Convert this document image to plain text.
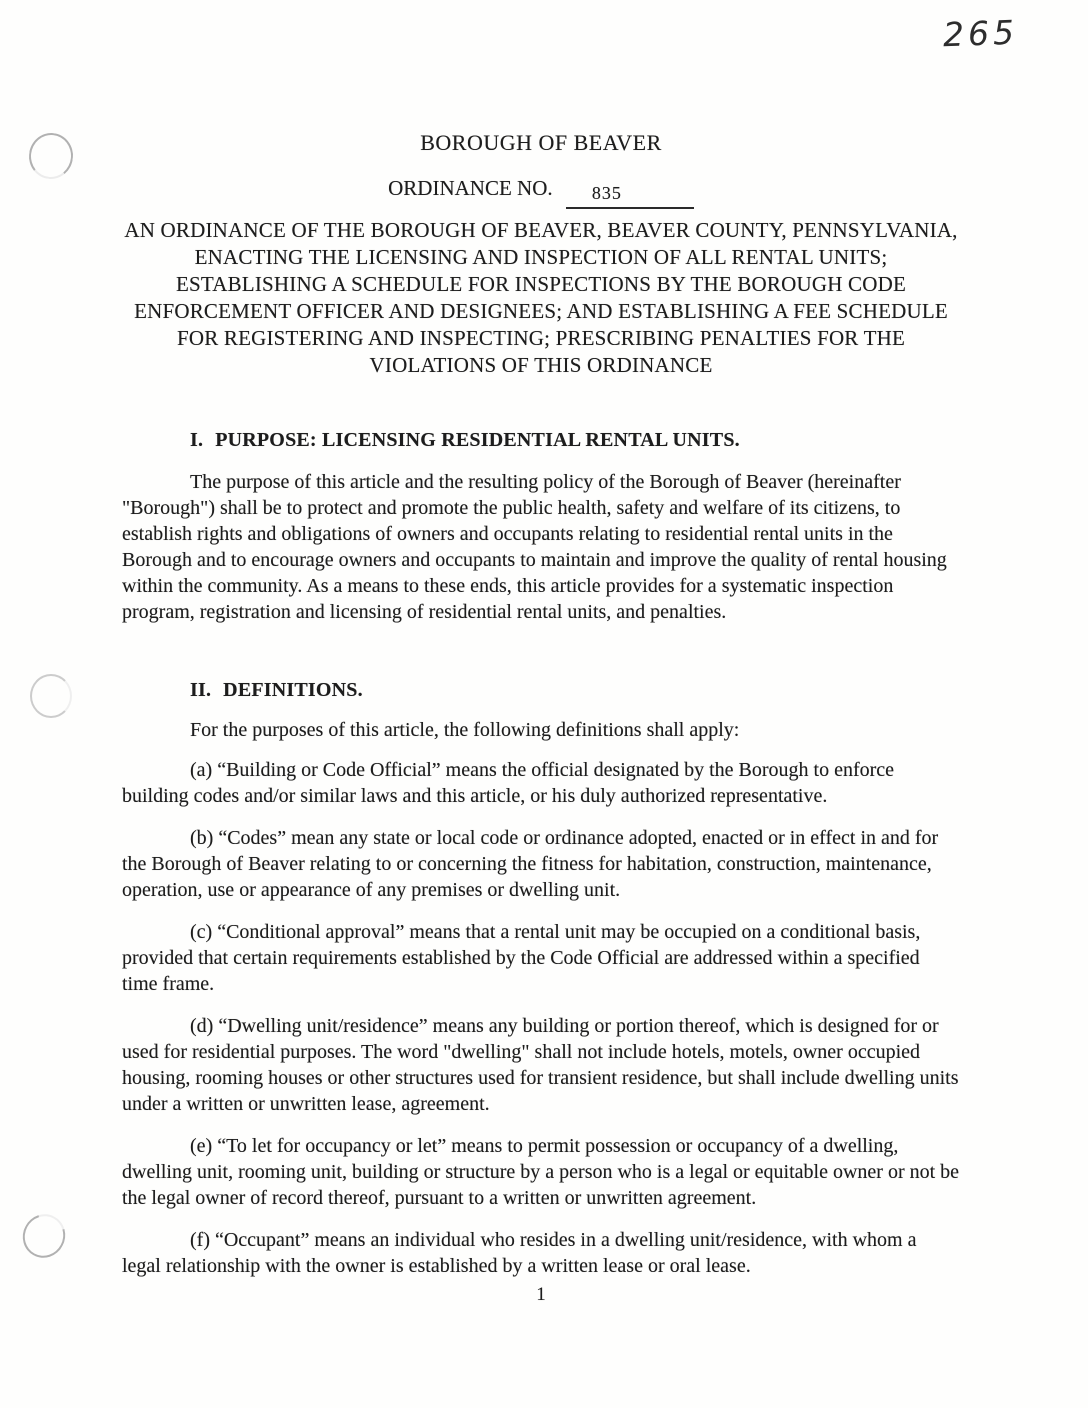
265
BOROUGH OF BEAVER
ORDINANCE NO. 835

AN ORDINANCE OF THE BOROUGH OF BEAVER, BEAVER COUNTY, PENNSYLVANIA, ENACTING THE LICENSING AND INSPECTION OF ALL RENTAL UNITS; ESTABLISHING A SCHEDULE FOR INSPECTIONS BY THE BOROUGH CODE ENFORCEMENT OFFICER AND DESIGNEES; AND ESTABLISHING A FEE SCHEDULE FOR REGISTERING AND INSPECTING; PRESCRIBING PENALTIES FOR THE VIOLATIONS OF THIS ORDINANCE

I. PURPOSE: LICENSING RESIDENTIAL RENTAL UNITS.

The purpose of this article and the resulting policy of the Borough of Beaver (hereinafter "Borough") shall be to protect and promote the public health, safety and welfare of its citizens, to establish rights and obligations of owners and occupants relating to residential rental units in the Borough and to encourage owners and occupants to maintain and improve the quality of rental housing within the community. As a means to these ends, this article provides for a systematic inspection program, registration and licensing of residential rental units, and penalties.

II. DEFINITIONS.

For the purposes of this article, the following definitions shall apply:

(a) “Building or Code Official” means the official designated by the Borough to enforce building codes and/or similar laws and this article, or his duly authorized representative.

(b) “Codes” mean any state or local code or ordinance adopted, enacted or in effect in and for the Borough of Beaver relating to or concerning the fitness for habitation, construction, maintenance, operation, use or appearance of any premises or dwelling unit.

(c) “Conditional approval” means that a rental unit may be occupied on a conditional basis, provided that certain requirements established by the Code Official are addressed within a specified time frame.

(d) “Dwelling unit/residence” means any building or portion thereof, which is designed for or used for residential purposes. The word "dwelling" shall not include hotels, motels, owner occupied housing, rooming houses or other structures used for transient residence, but shall include dwelling units under a written or unwritten lease, agreement.

(e) “To let for occupancy or let” means to permit possession or occupancy of a dwelling, dwelling unit, rooming unit, building or structure by a person who is a legal or equitable owner or not be the legal owner of record thereof, pursuant to a written or unwritten agreement.

(f) “Occupant” means an individual who resides in a dwelling unit/residence, with whom a legal relationship with the owner is established by a written lease or oral lease.

1
